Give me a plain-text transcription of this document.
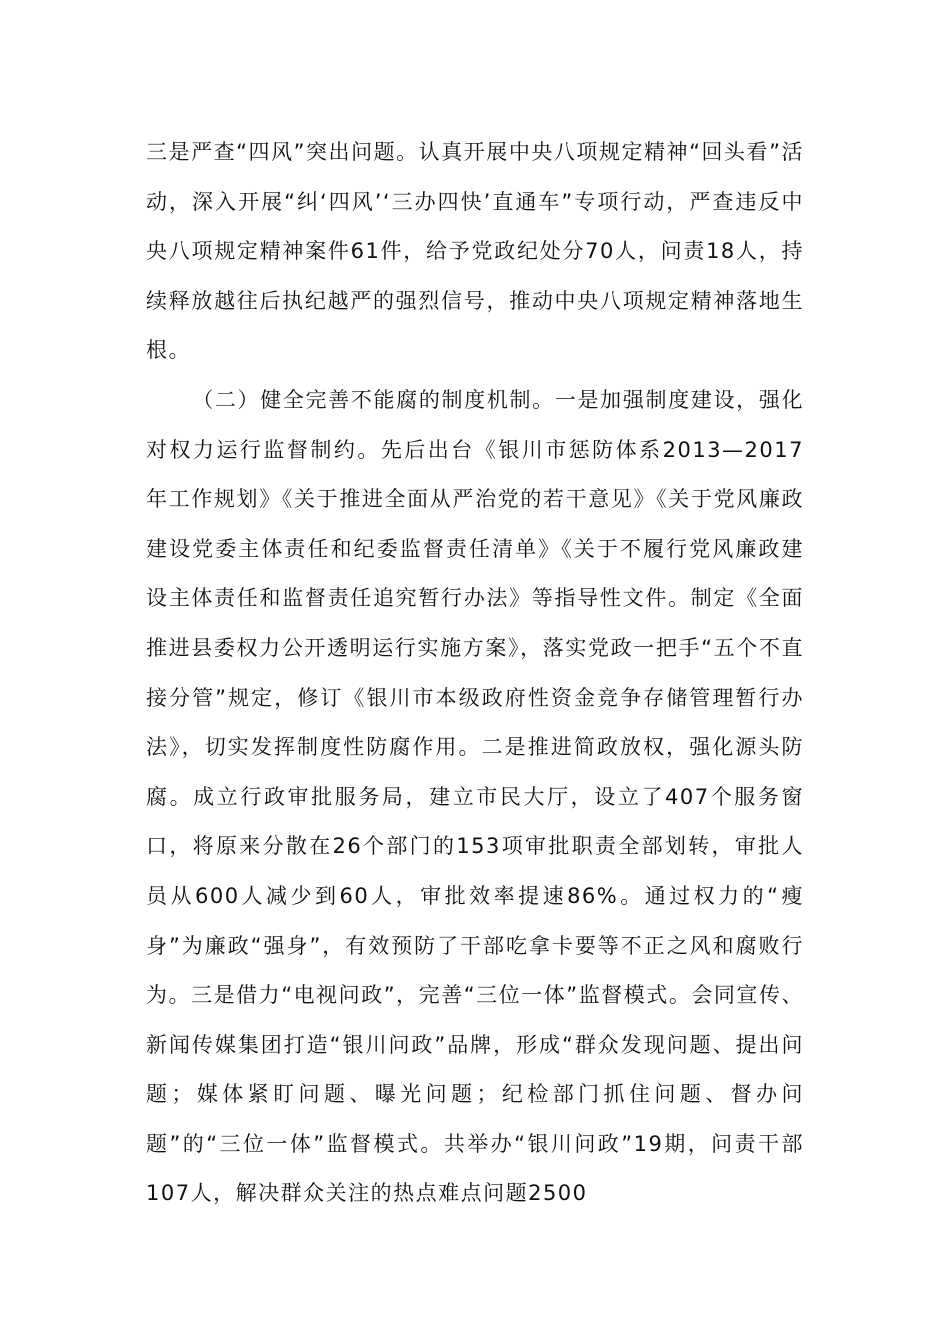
三是严查“四风”突出问题。认真开展中央八项规定精神“回头看”活动，深入开展“纠‘四风’‘三办四快’直通车”专项行动，严查违反中央八项规定精神案件61件，给予党政纪处分70人，问责18人，持续释放越往后执纪越严的强烈信号，推动中央八项规定精神落地生根。

（二）健全完善不能腐的制度机制。一是加强制度建设，强化对权力运行监督制约。先后出台《银川市惩防体系2013—2017年工作规划》《关于推进全面从严治党的若干意见》《关于党风廉政建设党委主体责任和纪委监督责任清单》《关于不履行党风廉政建设主体责任和监督责任追究暂行办法》等指导性文件。制定《全面推进县委权力公开透明运行实施方案》，落实党政一把手“五个不直接分管”规定，修订《银川市本级政府性资金竞争存储管理暂行办法》，切实发挥制度性防腐作用。二是推进简政放权，强化源头防腐。成立行政审批服务局，建立市民大厅，设立了407个服务窗口，将原来分散在26个部门的153项审批职责全部划转，审批人员从600人减少到60人，审批效率提速86%。通过权力的“瘦身”为廉政“强身”，有效预防了干部吃拿卡要等不正之风和腐败行为。三是借力“电视问政”，完善“三位一体”监督模式。会同宣传、新闻传媒集团打造“银川问政”品牌，形成“群众发现问题、提出问题；媒体紧盯问题、曝光问题；纪检部门抓住问题、督办问题”的“三位一体”监督模式。共举办“银川问政”19期，问责干部107人，解决群众关注的热点难点问题2500
